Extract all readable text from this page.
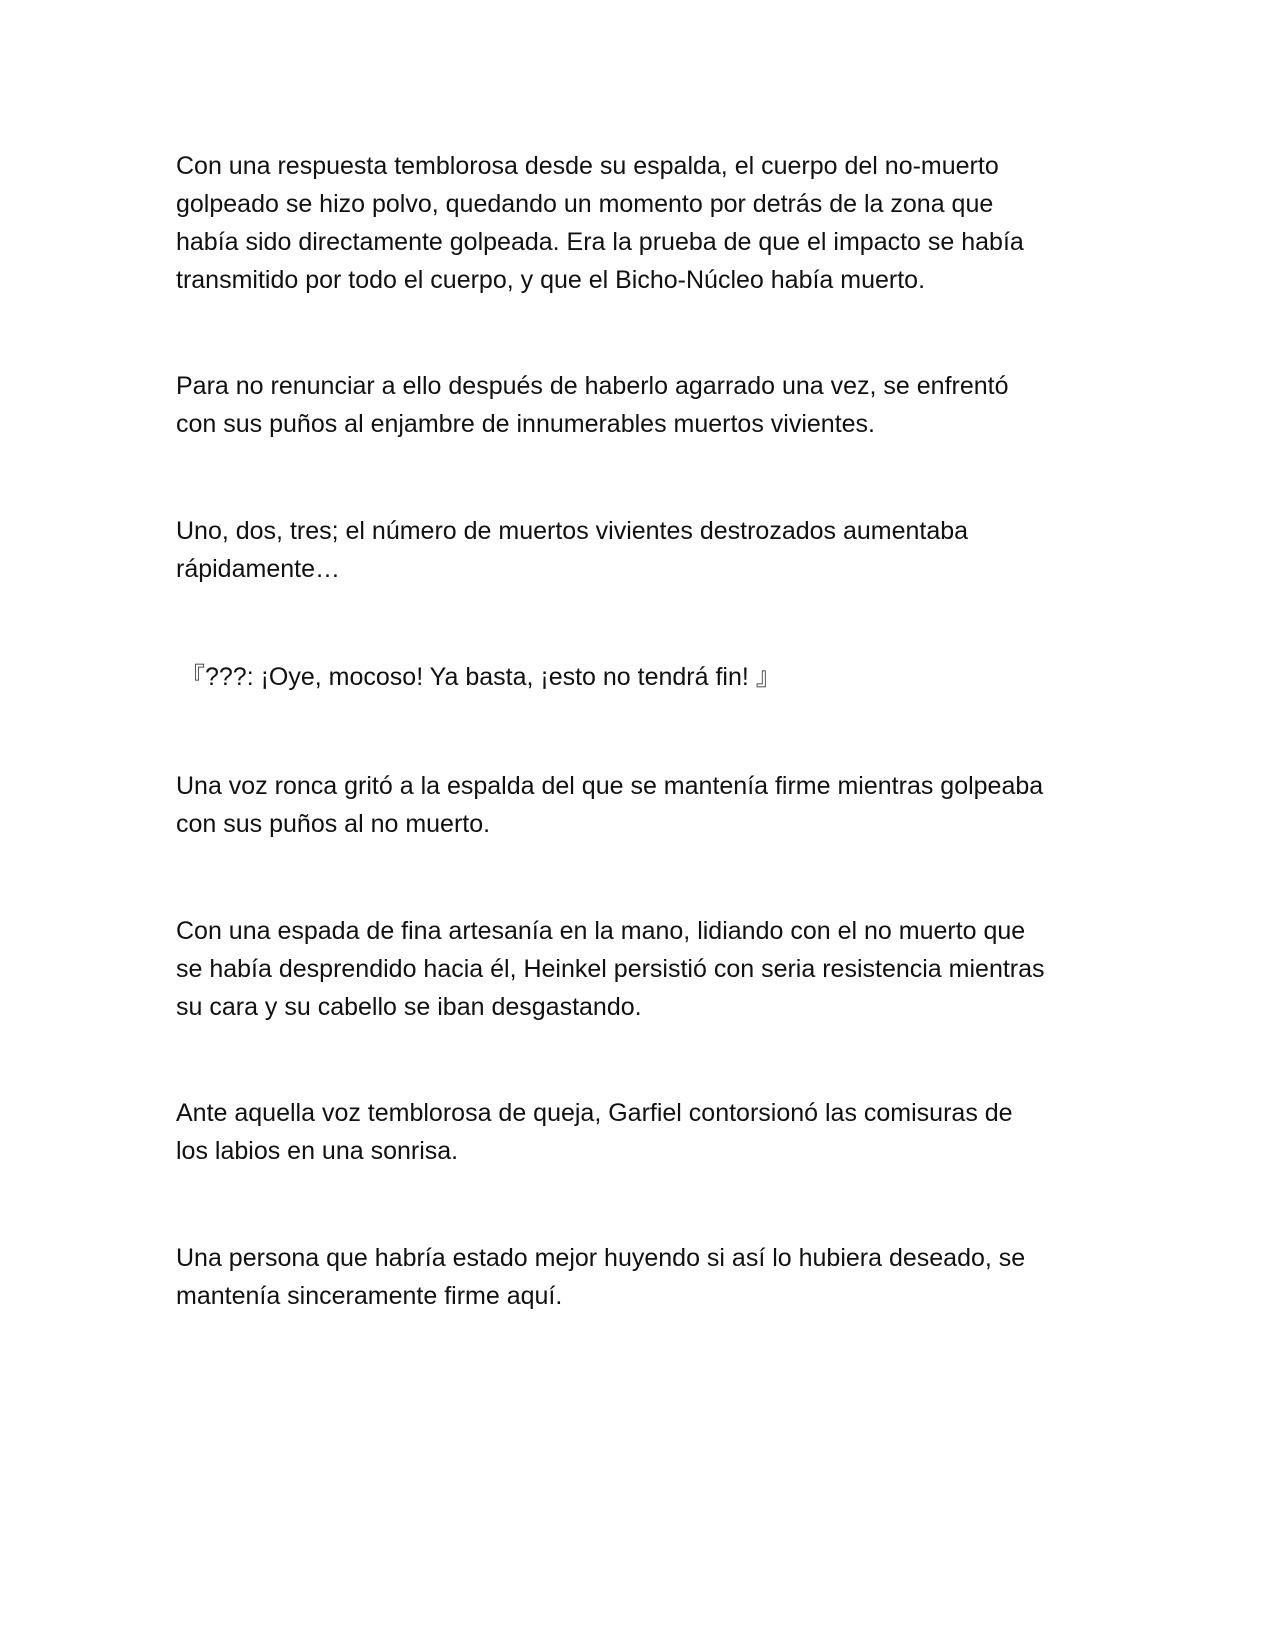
Con una respuesta temblorosa desde su espalda, el cuerpo del no-muerto
golpeado se hizo polvo, quedando un momento por detrás de la zona que
había sido directamente golpeada. Era la prueba de que el impacto se había
transmitido por todo el cuerpo, y que el Bicho-Núcleo había muerto.

Para no renunciar a ello después de haberlo agarrado una vez, se enfrentó
con sus puños al enjambre de innumerables muertos vivientes.

Uno, dos, tres; el número de muertos vivientes destrozados aumentaba
rápidamente…

『???: ¡Oye, mocoso! Ya basta, ¡esto no tendrá fin! 』

Una voz ronca gritó a la espalda del que se mantenía firme mientras golpeaba
con sus puños al no muerto.

Con una espada de fina artesanía en la mano, lidiando con el no muerto que
se había desprendido hacia él, Heinkel persistió con seria resistencia mientras
su cara y su cabello se iban desgastando.

Ante aquella voz temblorosa de queja, Garfiel contorsionó las comisuras de
los labios en una sonrisa.

Una persona que habría estado mejor huyendo si así lo hubiera deseado, se
mantenía sinceramente firme aquí.
